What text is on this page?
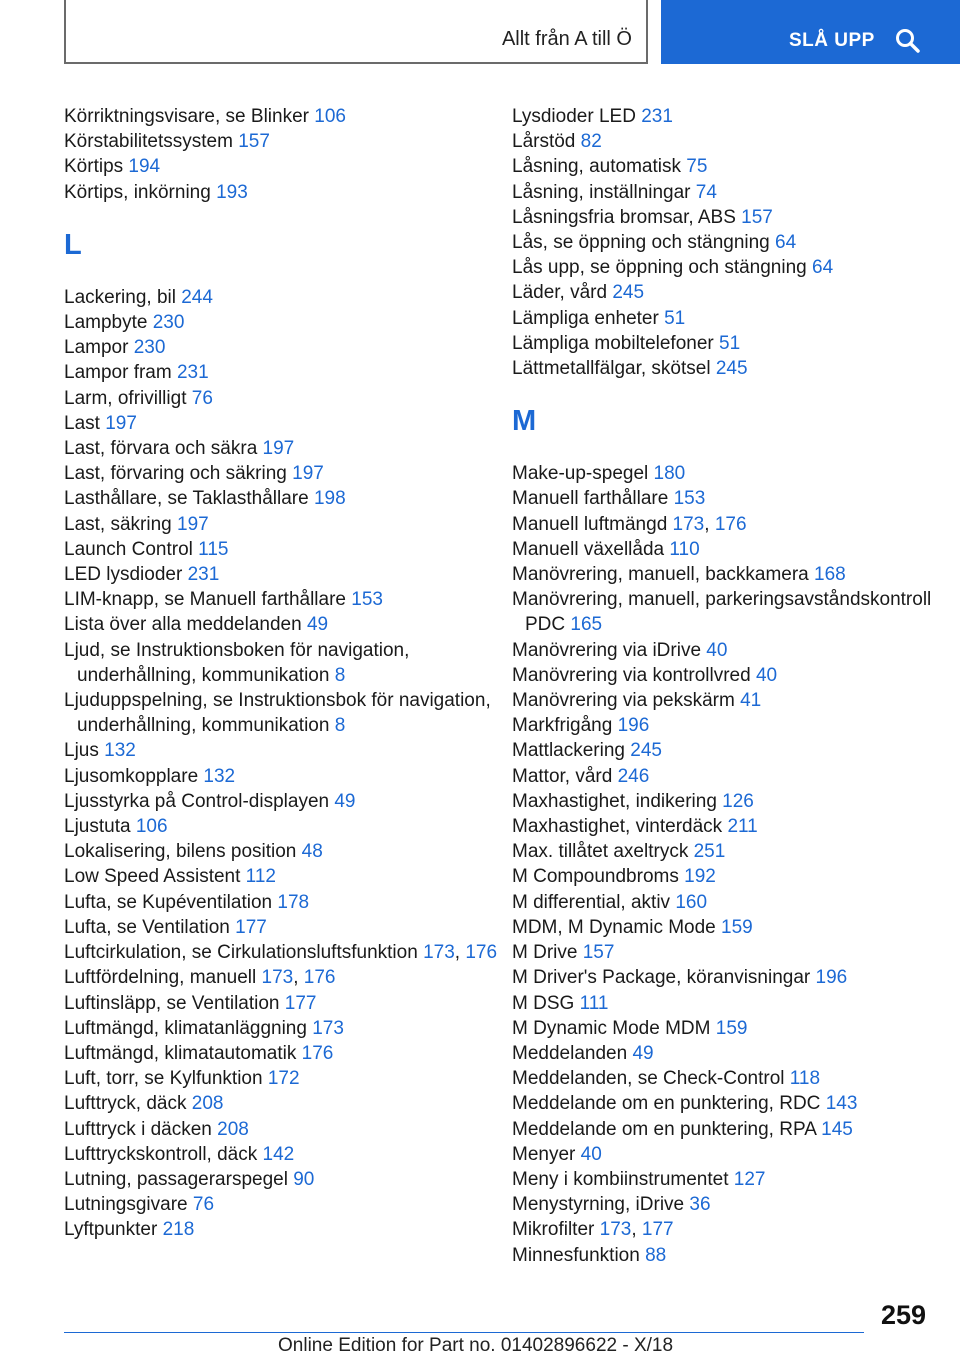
Allt från A till Ö	SLÅ UPP
Körriktningsvisare, se Blinker 106
Körstabilitetssystem 157
Körtips 194
Körtips, inkörning 193
L
Lackering, bil 244
Lampbyte 230
Lampor 230
Lampor fram 231
Larm, ofrivilligt 76
Last 197
Last, förvara och säkra 197
Last, förvaring och säkring 197
Lasthållare, se Taklasthållare 198
Last, säkring 197
Launch Control 115
LED lysdioder 231
LIM-knapp, se Manuell farthållare 153
Lista över alla meddelanden 49
Ljud, se Instruktionsboken för navigation, underhållning, kommunikation 8
Ljuduppspelning, se Instruktionsbok för navigation, underhållning, kommunikation 8
Ljus 132
Ljusomkopplare 132
Ljusstyrka på Control-displayen 49
Ljustuta 106
Lokalisering, bilens position 48
Low Speed Assistent 112
Lufta, se Kupéventilation 178
Lufta, se Ventilation 177
Luftcirkulation, se Cirkulationsluftsfunktion 173, 176
Luftfördelning, manuell 173, 176
Luftinsläpp, se Ventilation 177
Luftmängd, klimatanläggning 173
Luftmängd, klimatautomatik 176
Luft, torr, se Kylfunktion 172
Lufttryck, däck 208
Lufttryck i däcken 208
Lufttryckskontroll, däck 142
Lutning, passagerarspegel 90
Lutningsgivare 76
Lyftpunkter 218
Lysdioder LED 231
Lårstöd 82
Låsning, automatisk 75
Låsning, inställningar 74
Låsningsfria bromsar, ABS 157
Lås, se öppning och stängning 64
Lås upp, se öppning och stängning 64
Läder, vård 245
Lämpliga enheter 51
Lämpliga mobiltelefoner 51
Lättmetallfälgar, skötsel 245
M
Make-up-spegel 180
Manuell farthållare 153
Manuell luftmängd 173, 176
Manuell växellåda 110
Manövrering, manuell, backkamera 168
Manövrering, manuell, parkeringsavståndskontroll PDC 165
Manövrering via iDrive 40
Manövrering via kontrollvred 40
Manövrering via pekskärm 41
Markfrigång 196
Mattlackering 245
Mattor, vård 246
Maxhastighet, indikering 126
Maxhastighet, vinterdäck 211
Max. tillåtet axeltryck 251
M Compoundbroms 192
M differential, aktiv 160
MDM, M Dynamic Mode 159
M Drive 157
M Driver's Package, köranvisningar 196
M DSG 111
M Dynamic Mode MDM 159
Meddelanden 49
Meddelanden, se Check-Control 118
Meddelande om en punktering, RDC 143
Meddelande om en punktering, RPA 145
Menyer 40
Meny i kombiinstrumentet 127
Menystyrning, iDrive 36
Mikrofilter 173, 177
Minnesfunktion 88
259
Online Edition for Part no. 01402896622 - X/18
